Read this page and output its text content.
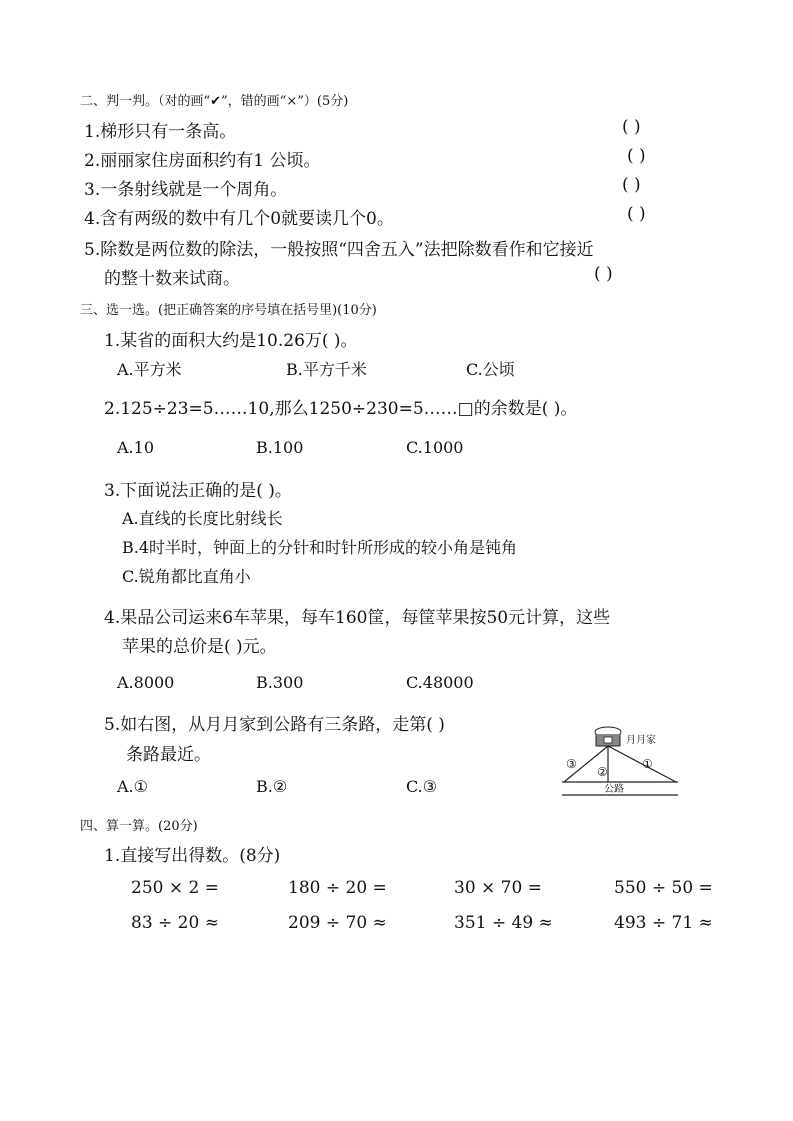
二、判一判。（对的画“✔”，错的画“×”）(5分)
1.梯形只有一条高。	( )
2.丽丽家住房面积约有1 公顷。	( )
3.一条射线就是一个周角。	( )
4.含有两级的数中有几个0就要读几个0。	( )
5.除数是两位数的除法，一般按照“四舍五入”法把除数看作和它接近
的整十数来试商。	( )
三、选一选。(把正确答案的序号填在括号里)(10分)
1.某省的面积大约是10.26万( )。
A.平方米	B.平方千米	C.公顷
2.125÷23=5……10,那么1250÷230=5……□的余数是( )。
A.10	B.100	C.1000
3.下面说法正确的是( )。
A.直线的长度比射线长
B.4时半时，钟面上的分针和时针所形成的较小角是钝角
C.锐角都比直角小
4.果品公司运来6车苹果，每车160筐，每筐苹果按50元计算，这些
苹果的总价是( )元。
A.8000	B.300	C.48000
5.如右图，从月月家到公路有三条路，走第( )
条路最近。
A.①	B.②	C.③
月月家
公路
③
②
①
四、算一算。(20分)
1.直接写出得数。(8分)
250 × 2 =	180 ÷ 20 =	30 × 70 =	550 ÷ 50 =
83 ÷ 20 ≈	209 ÷ 70 ≈	351 ÷ 49 ≈	493 ÷ 71 ≈
